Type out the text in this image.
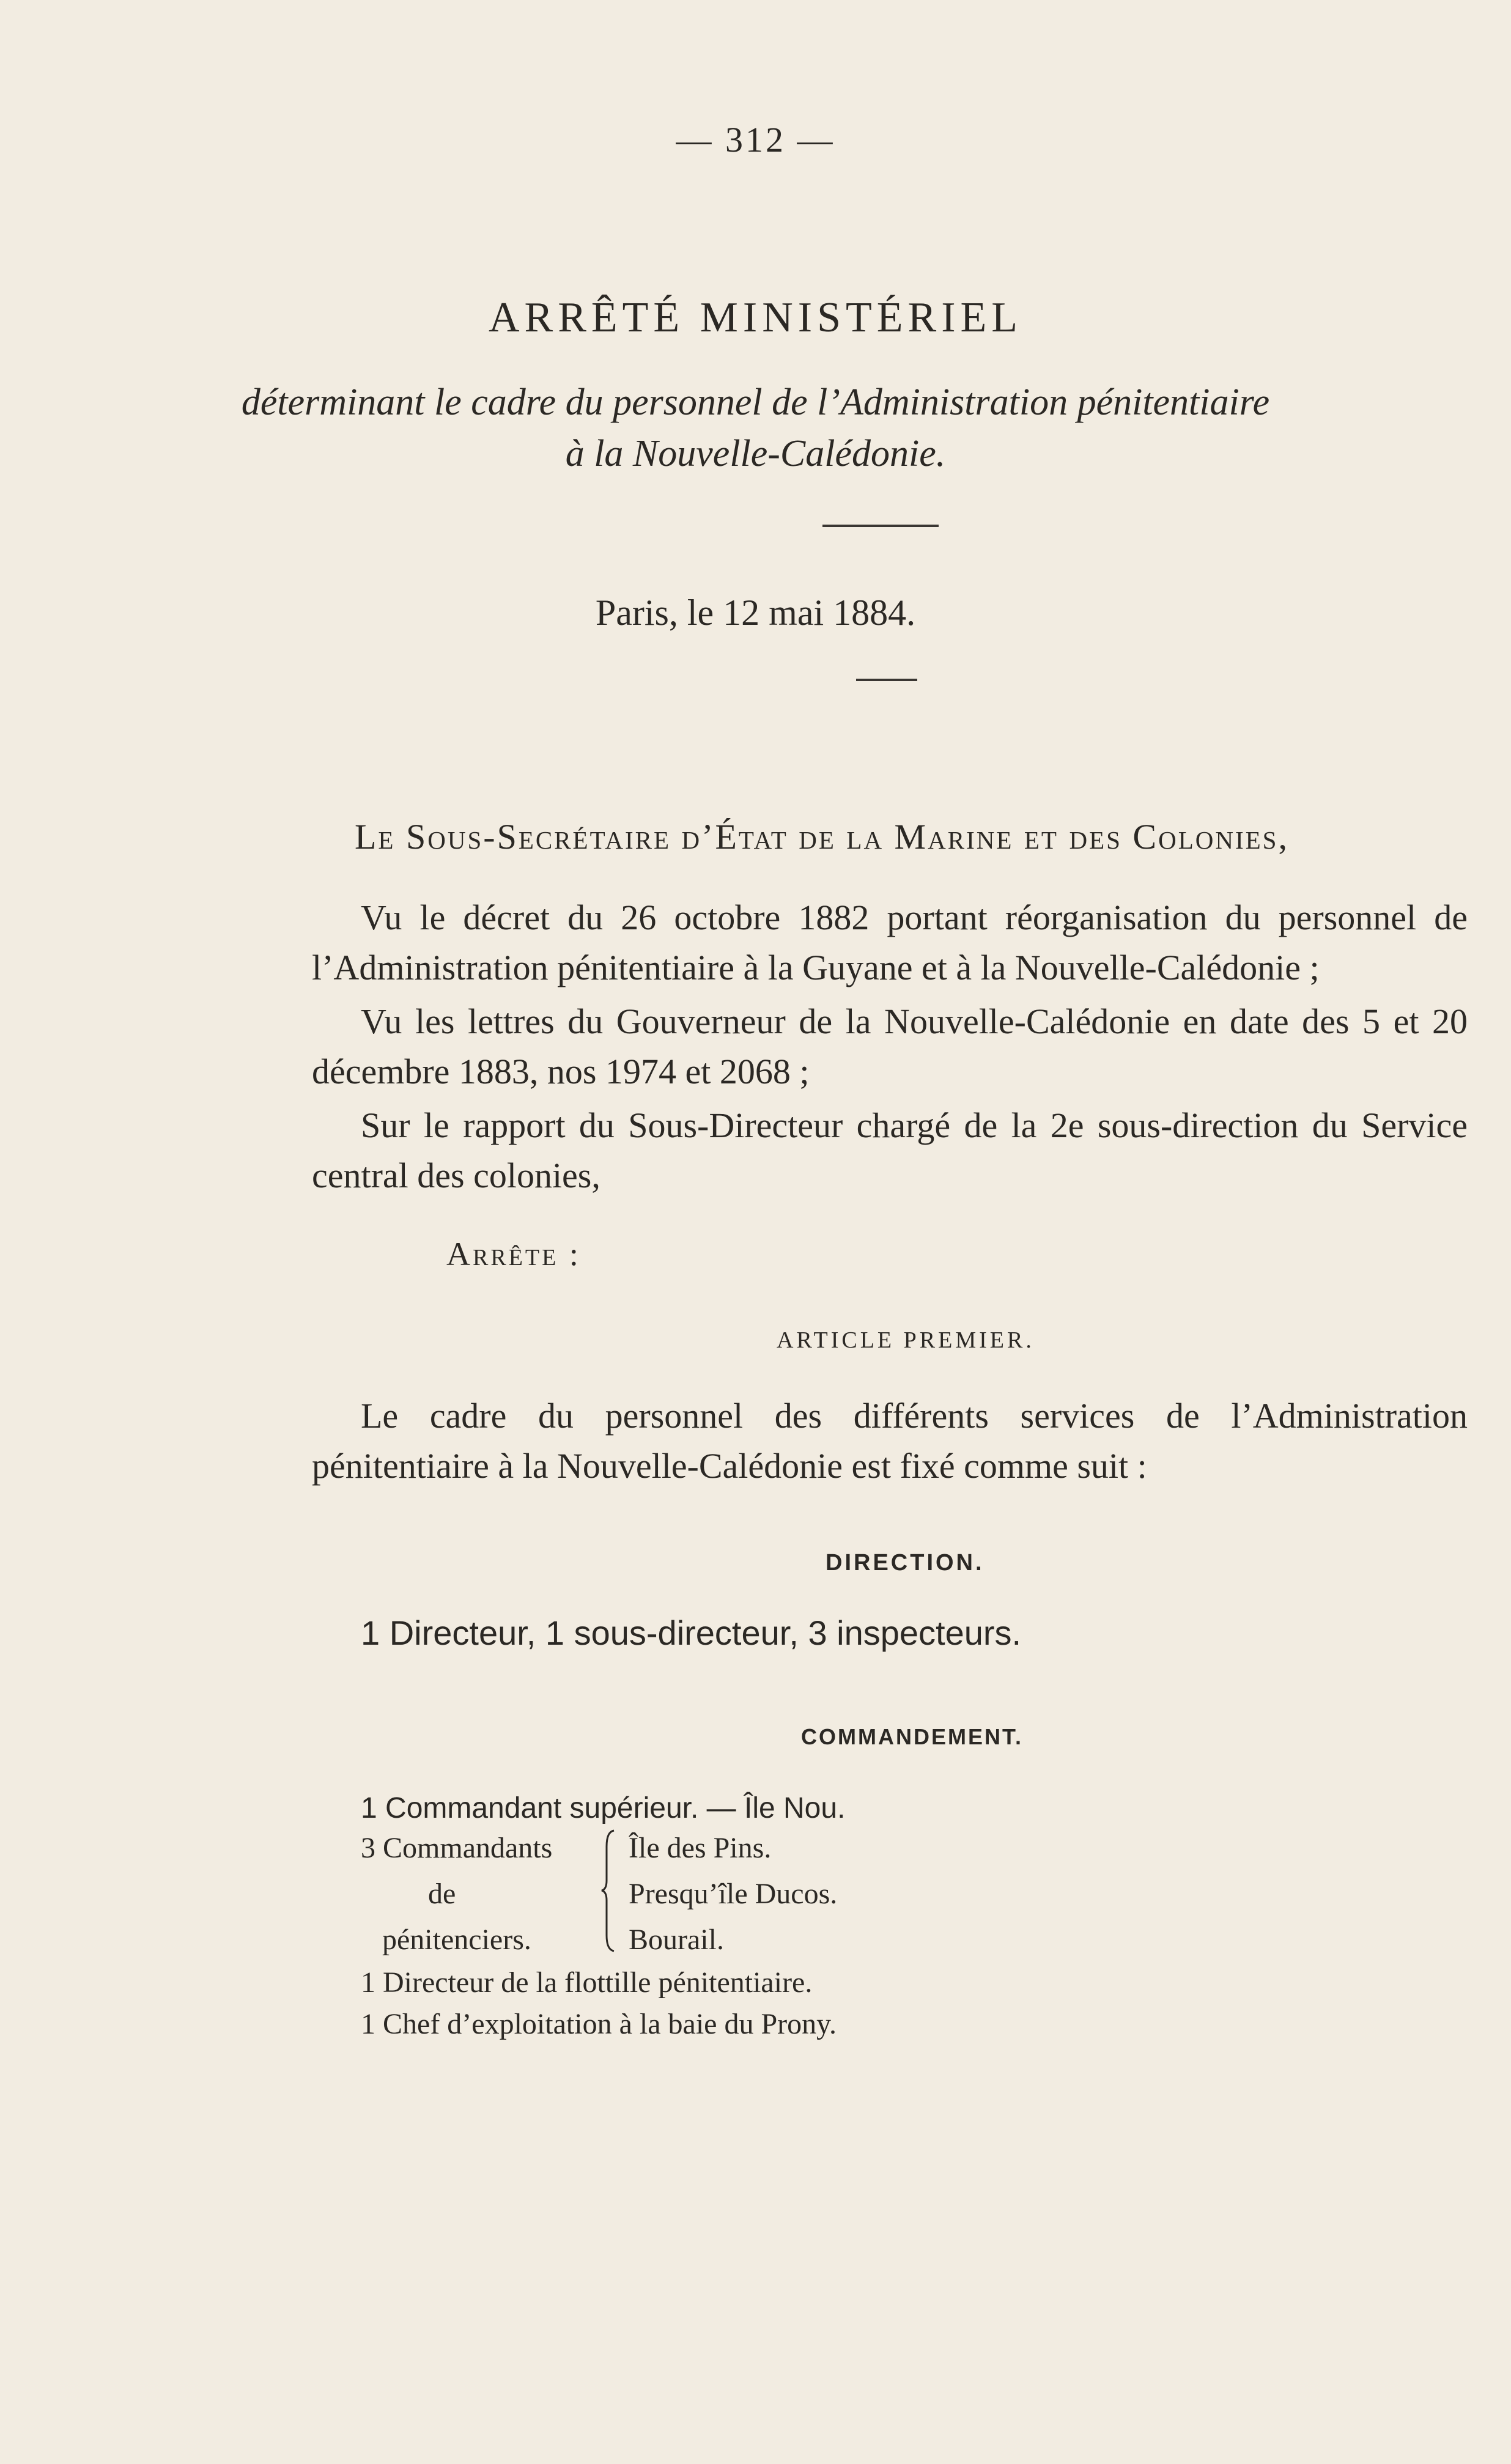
— 312 —
ARRÊTÉ MINISTÉRIEL
déterminant le cadre du personnel de l’Administration pénitentiaire
à la Nouvelle-Calédonie.
Paris, le 12 mai 1884.
Le Sous-Secrétaire d’État de la Marine et des Colonies,
Vu le décret du 26 octobre 1882 portant réorganisation du personnel de l’Administration pénitentiaire à la Guyane et à la Nouvelle-Calédonie ;
Vu les lettres du Gouverneur de la Nouvelle-Calédonie en date des 5 et 20 décembre 1883, nos 1974 et 2068 ;
Sur le rapport du Sous-Directeur chargé de la 2e sous-direction du Service central des colonies,
Arrête :
ARTICLE PREMIER.
Le cadre du personnel des différents services de l’Administration pénitentiaire à la Nouvelle-Calédonie est fixé comme suit :
DIRECTION.
1 Directeur, 1 sous-directeur, 3 inspecteurs.
COMMANDEMENT.
1 Commandant supérieur. — Île Nou.
3 Commandants
de
pénitenciers.
Île des Pins.
Presqu’île Ducos.
Bourail.
1 Directeur de la flottille pénitentiaire.
1 Chef d’exploitation à la baie du Prony.
